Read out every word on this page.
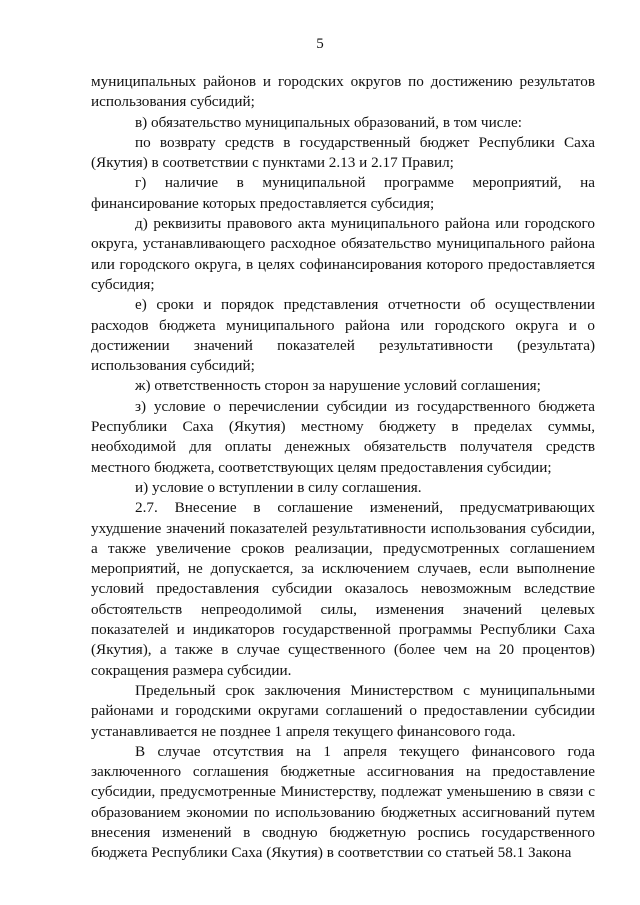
5

муниципальных районов и городских округов по достижению результатов использования субсидий;

в) обязательство муниципальных образований, в том числе:

по возврату средств в государственный бюджет Республики Саха (Якутия) в соответствии с пунктами 2.13 и 2.17 Правил;

г) наличие в муниципальной программе мероприятий, на финансирование которых предоставляется субсидия;

д) реквизиты правового акта муниципального района или городского округа, устанавливающего расходное обязательство муниципального района или городского округа, в целях софинансирования которого предоставляется субсидия;

е) сроки и порядок представления отчетности об осуществлении расходов бюджета муниципального района или городского округа и о достижении значений показателей результативности (результата) использования субсидий;

ж) ответственность сторон за нарушение условий соглашения;

з) условие о перечислении субсидии из государственного бюджета Республики Саха (Якутия) местному бюджету в пределах суммы, необходимой для оплаты денежных обязательств получателя средств местного бюджета, соответствующих целям предоставления субсидии;

и) условие о вступлении в силу соглашения.

2.7. Внесение в соглашение изменений, предусматривающих ухудшение значений показателей результативности использования субсидии, а также увеличение сроков реализации, предусмотренных соглашением мероприятий, не допускается, за исключением случаев, если выполнение условий предоставления субсидии оказалось невозможным вследствие обстоятельств непреодолимой силы, изменения значений целевых показателей и индикаторов государственной программы Республики Саха (Якутия), а также в случае существенного (более чем на 20 процентов) сокращения размера субсидии.

Предельный срок заключения Министерством с муниципальными районами и городскими округами соглашений о предоставлении субсидии устанавливается не позднее 1 апреля текущего финансового года.

В случае отсутствия на 1 апреля текущего финансового года заключенного соглашения бюджетные ассигнования на предоставление субсидии, предусмотренные Министерству, подлежат уменьшению в связи с образованием экономии по использованию бюджетных ассигнований путем внесения изменений в сводную бюджетную роспись государственного бюджета Республики Саха (Якутия) в соответствии со статьей 58.1 Закона
